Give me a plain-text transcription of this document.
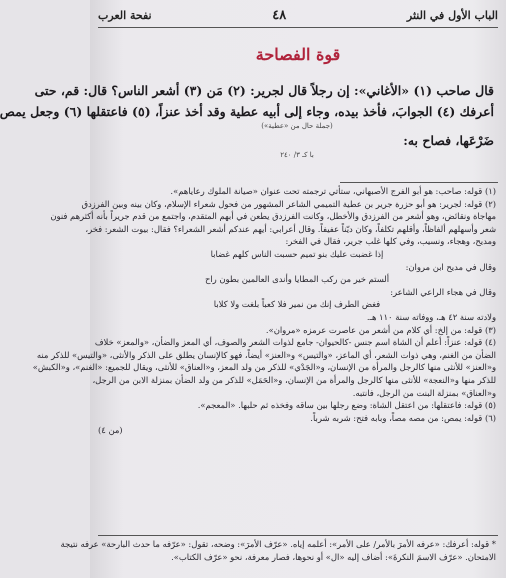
الباب الأول في النثر
٤٨
نفحة العرب
قوة الفصاحة
قال صاحب (١) «الأغاني»: إن رجلاً قال لجرير: (٢) مَن (٣) أشعر الناس؟ قال: قم، حتى
أعرفك (٤) الجوابَ، فأخذ بيده، وجاء إلى أبيه عطية وقد أخذ عنزاً، (٥) فاعتقلها (٦) وجعل يمص
(جملة حال من «عطية»)
ضَرْعَها، فصاح به:
با كـ ٣/ ٢٤٠
(١) قوله: صاحب: هو أبو الفرج الأصبهاني، ستأتي ترجمته تحت عنوان «صيانة الملوك رعاياهم».
(٢) قوله: لجرير: هو أبو حزرة جرير بن عطية التميمي الشاعر المشهور من فحول شعراء الإسلام، وكان بينه وبين الفرزدق
مهاجاة ونقائض، وهو أشعر من الفرزدق والأخطل، وكانت الفرزدق يطعن في أبهم المتقدم، واجتمع من قدم جريراً بأنه أكثرهم فنون
شعر وأسهلهم ألفاظاً، وأقلهم تكلفاً، وكان ديّناً عفيفاً. وقال أعرابي: أيهم عندكم أشعر الشعراء؟ فقال: بيوت الشعر: فخر،
ومديح، وهجاء، ونسيب، وفي كلها غلب جرير، فقال في الفخر:
إذا غضبت عليك بنو تميم حسبت الناس كلهم غضابا
وقال في مديح ابن مروان:
ألستم خير من ركب المطايا وأندى العالمين بطون راح
وقال في هجاء الراعي الشاعر:
فغض الطرف إنك من نمير فلا كعباً بلغت ولا كلابا
ولادته سنة ٤٢ هـ، ووفاته سنة ١١٠ هـ.
(٣) قوله: من إلخ: أي كلام من أشعر من عاصرت عرمزه «مروان».
(٤) قوله: عنزاً: أعلم أن الشاة اسم جنس -كالحيوان- جامع لذوات الشعر والصوف، أي المعز والضأن، «والمعز» خلاف
الضأن من الغنم، وهي ذوات الشعر، أي الماعز، «والتيس» و«العنز» أيضاً، فهو كالإنسان يطلق على الذكر والأنثى، «والتيس» للذكر منه
و«العنز» للأنثى منها كالرجل والمرأة من الإنسان، و«الجَدْي» للذكر من ولد المعز، و«العناق» للأنثى، ويقال للجميع: «الغنم»، و«الكبش»
للذكر منها و«النعجة» للأنثى منها كالرجل والمرأة من الإنسان، و«الحَمَل» للذكر من ولد الضأن بمنزلة الابن من الرجل،
و«العناق» بمنزلة البنت من الرجل، فانتبه.
(٥) قوله: فاعتقلها: من اعتقل الشاة: وضع رجلها بين ساقه وفخذه ثم حلبها. «المعجم».
(٦) قوله: يمص: من مصه مصاً، وبابه فتح: شربه شرباً.
(من ٤)
* قوله: أعرفك: «عرفه الأمرَ بالأمر/ على الأمر»: أعلمه إياه. «عرّف الأمرَ»: وضحه، تقول: «عرّفه ما حدث البارحة» عرفه نتيجة
الامتحان. «عرّف الاسمَ النكرةَ»: أضاف إليه «ال» أو نحوها، فصار معرفة، نحو «عرّف الكتاب».
